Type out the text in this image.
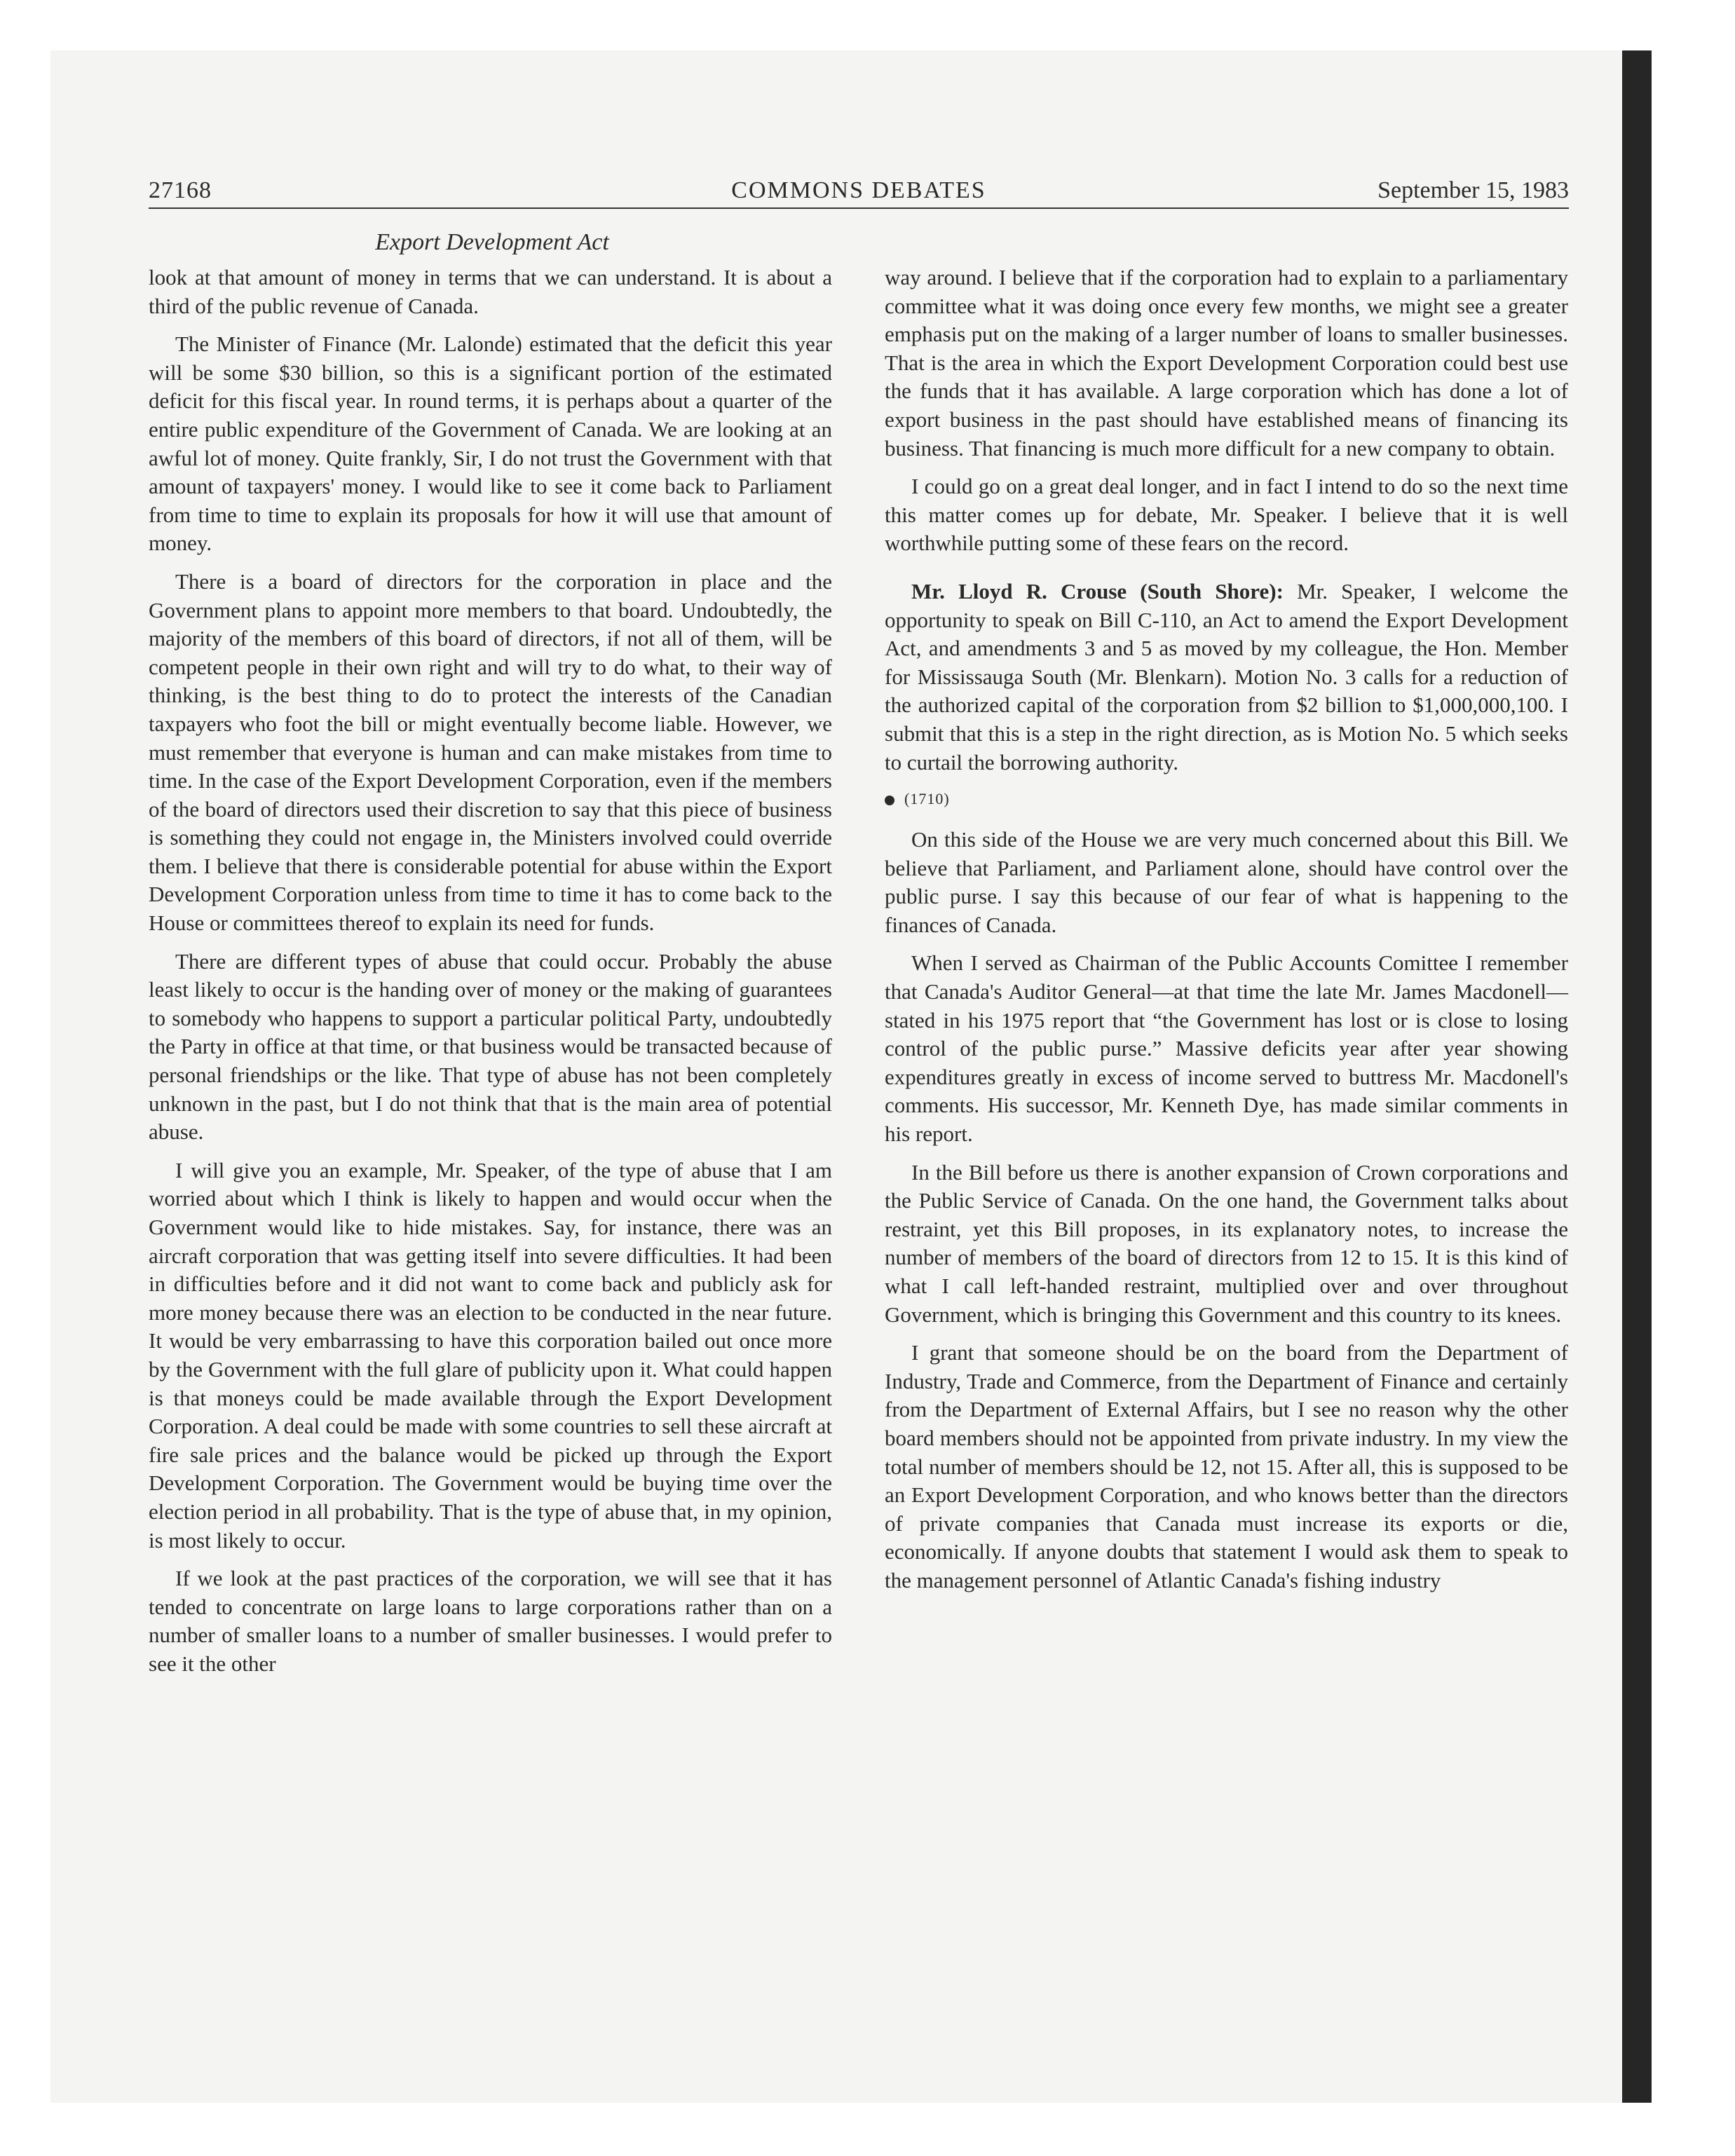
27168	COMMONS DEBATES	September 15, 1983
Export Development Act

look at that amount of money in terms that we can understand. It is about a third of the public revenue of Canada.

The Minister of Finance (Mr. Lalonde) estimated that the deficit this year will be some $30 billion, so this is a significant portion of the estimated deficit for this fiscal year. In round terms, it is perhaps about a quarter of the entire public expenditure of the Government of Canada. We are looking at an awful lot of money. Quite frankly, Sir, I do not trust the Government with that amount of taxpayers' money. I would like to see it come back to Parliament from time to time to explain its proposals for how it will use that amount of money.

There is a board of directors for the corporation in place and the Government plans to appoint more members to that board. Undoubtedly, the majority of the members of this board of directors, if not all of them, will be competent people in their own right and will try to do what, to their way of thinking, is the best thing to do to protect the interests of the Canadian taxpayers who foot the bill or might eventually become liable. However, we must remember that everyone is human and can make mistakes from time to time. In the case of the Export Development Corporation, even if the members of the board of directors used their discretion to say that this piece of business is something they could not engage in, the Ministers involved could override them. I believe that there is considerable potential for abuse within the Export Development Corporation unless from time to time it has to come back to the House or committees thereof to explain its need for funds.

There are different types of abuse that could occur. Probably the abuse least likely to occur is the handing over of money or the making of guarantees to somebody who happens to support a particular political Party, undoubtedly the Party in office at that time, or that business would be transacted because of personal friendships or the like. That type of abuse has not been completely unknown in the past, but I do not think that that is the main area of potential abuse.

I will give you an example, Mr. Speaker, of the type of abuse that I am worried about which I think is likely to happen and would occur when the Government would like to hide mistakes. Say, for instance, there was an aircraft corporation that was getting itself into severe difficulties. It had been in difficulties before and it did not want to come back and publicly ask for more money because there was an election to be conducted in the near future. It would be very embarrassing to have this corporation bailed out once more by the Government with the full glare of publicity upon it. What could happen is that moneys could be made available through the Export Development Corporation. A deal could be made with some countries to sell these aircraft at fire sale prices and the balance would be picked up through the Export Development Corporation. The Government would be buying time over the election period in all probability. That is the type of abuse that, in my opinion, is most likely to occur.

If we look at the past practices of the corporation, we will see that it has tended to concentrate on large loans to large corporations rather than on a number of smaller loans to a number of smaller businesses. I would prefer to see it the other

way around. I believe that if the corporation had to explain to a parliamentary committee what it was doing once every few months, we might see a greater emphasis put on the making of a larger number of loans to smaller businesses. That is the area in which the Export Development Corporation could best use the funds that it has available. A large corporation which has done a lot of export business in the past should have established means of financing its business. That financing is much more difficult for a new company to obtain.

I could go on a great deal longer, and in fact I intend to do so the next time this matter comes up for debate, Mr. Speaker. I believe that it is well worthwhile putting some of these fears on the record.

Mr. Lloyd R. Crouse (South Shore): Mr. Speaker, I welcome the opportunity to speak on Bill C-110, an Act to amend the Export Development Act, and amendments 3 and 5 as moved by my colleague, the Hon. Member for Mississauga South (Mr. Blenkarn). Motion No. 3 calls for a reduction of the authorized capital of the corporation from $2 billion to $1,000,000,100. I submit that this is a step in the right direction, as is Motion No. 5 which seeks to curtail the borrowing authority.

(1710)

On this side of the House we are very much concerned about this Bill. We believe that Parliament, and Parliament alone, should have control over the public purse. I say this because of our fear of what is happening to the finances of Canada.

When I served as Chairman of the Public Accounts Comittee I remember that Canada's Auditor General—at that time the late Mr. James Macdonell—stated in his 1975 report that “the Government has lost or is close to losing control of the public purse.” Massive deficits year after year showing expenditures greatly in excess of income served to buttress Mr. Macdonell's comments. His successor, Mr. Kenneth Dye, has made similar comments in his report.

In the Bill before us there is another expansion of Crown corporations and the Public Service of Canada. On the one hand, the Government talks about restraint, yet this Bill proposes, in its explanatory notes, to increase the number of members of the board of directors from 12 to 15. It is this kind of what I call left-handed restraint, multiplied over and over throughout Government, which is bringing this Government and this country to its knees.

I grant that someone should be on the board from the Department of Industry, Trade and Commerce, from the Department of Finance and certainly from the Department of External Affairs, but I see no reason why the other board members should not be appointed from private industry. In my view the total number of members should be 12, not 15. After all, this is supposed to be an Export Development Corporation, and who knows better than the directors of private companies that Canada must increase its exports or die, economically. If anyone doubts that statement I would ask them to speak to the management personnel of Atlantic Canada's fishing industry
